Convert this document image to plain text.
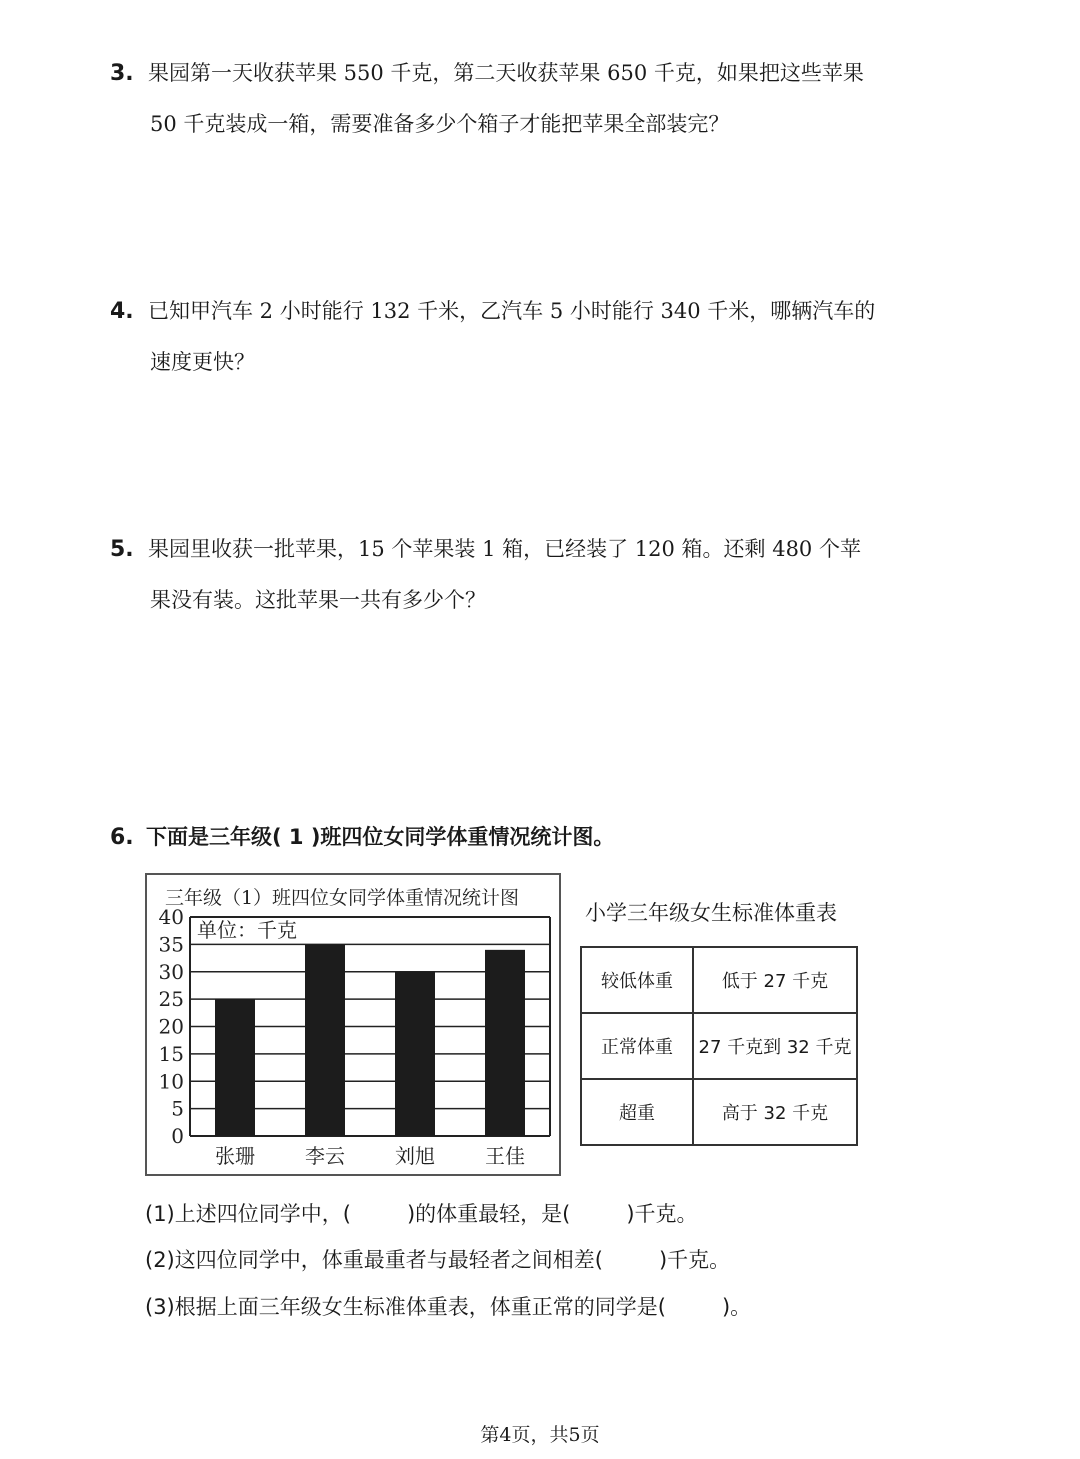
3. 果园第一天收获苹果 550 千克，第二天收获苹果 650 千克，如果把这些苹果
50 千克装成一箱，需要准备多少个箱子才能把苹果全部装完？
4. 已知甲汽车 2 小时能行 132 千米，乙汽车 5 小时能行 340 千米，哪辆汽车的
速度更快？
5. 果园里收获一批苹果，15 个苹果装 1 箱，已经装了 120 箱。还剩 480 个苹
果没有装。这批苹果一共有多少个？
6. 下面是三年级( 1 )班四位女同学体重情况统计图。
三年级（1）班四位女同学体重情况统计图
单位：千克
0
5
10
15
20
25
30
35
40
张珊	李云	刘旭	王佳
小学三年级女生标准体重表
较低体重	低于 27 千克
正常体重	27 千克到 32 千克
超重	高于 32 千克
(1)上述四位同学中，(	)的体重最轻，是(	)千克。
(2)这四位同学中，体重最重者与最轻者之间相差(	)千克。
(3)根据上面三年级女生标准体重表，体重正常的同学是(	)。
第4页，共5页
